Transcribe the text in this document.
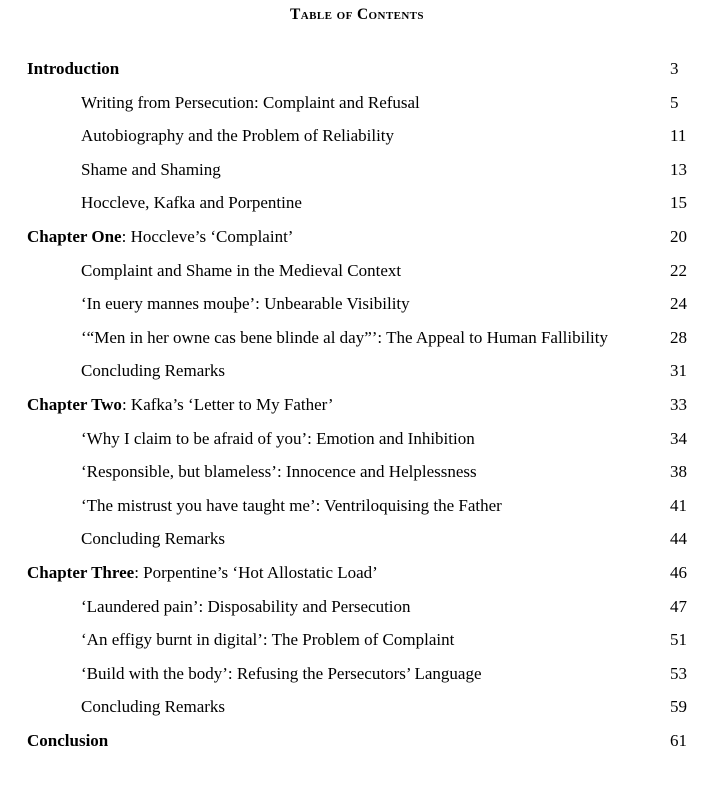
Table of Contents
Introduction	3
Writing from Persecution: Complaint and Refusal	5
Autobiography and the Problem of Reliability	11
Shame and Shaming	13
Hoccleve, Kafka and Porpentine	15
Chapter One: Hoccleve’s ‘Complaint’	20
Complaint and Shame in the Medieval Context	22
‘In euery mannes mouþe’: Unbearable Visibility	24
‘“Men in her owne cas bene blinde al day”’: The Appeal to Human Fallibility	28
Concluding Remarks	31
Chapter Two: Kafka’s ‘Letter to My Father’	33
‘Why I claim to be afraid of you’: Emotion and Inhibition	34
‘Responsible, but blameless’: Innocence and Helplessness	38
‘The mistrust you have taught me’: Ventriloquising the Father	41
Concluding Remarks	44
Chapter Three: Porpentine’s ‘Hot Allostatic Load’	46
‘Laundered pain’: Disposability and Persecution	47
‘An effigy burnt in digital’: The Problem of Complaint	51
‘Build with the body’: Refusing the Persecutors’ Language	53
Concluding Remarks	59
Conclusion	61
